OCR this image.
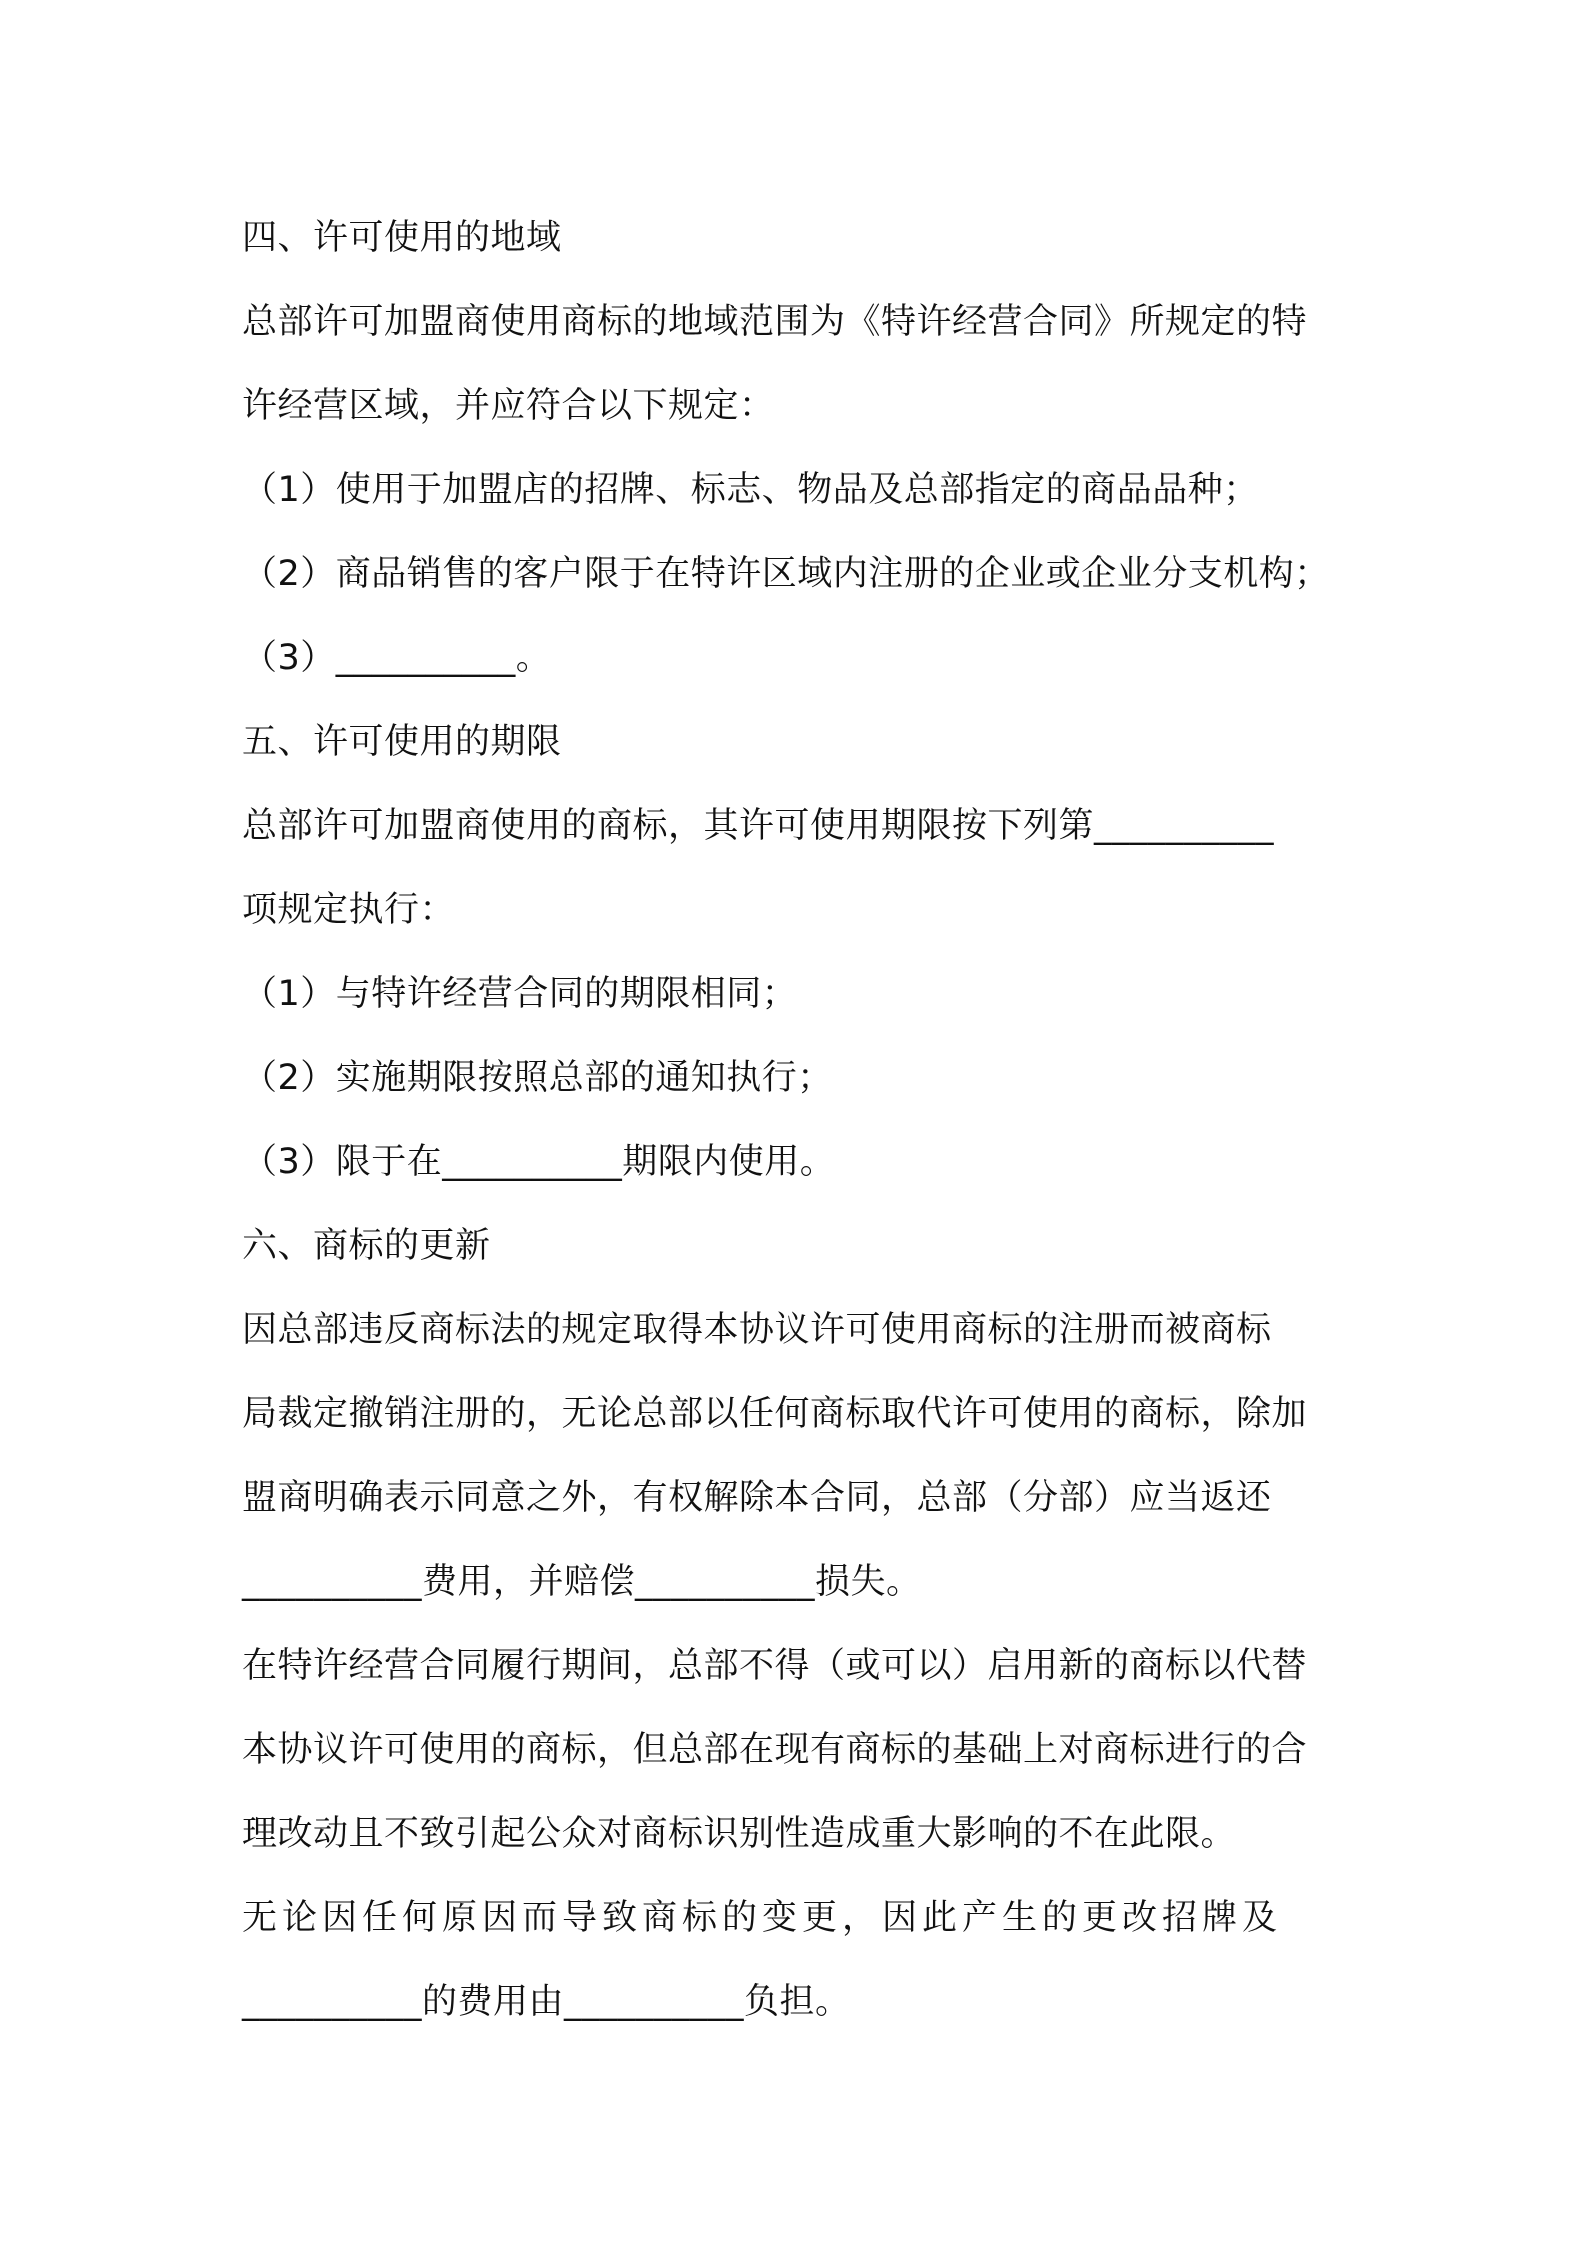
四、许可使用的地域
总部许可加盟商使用商标的地域范围为《特许经营合同》所规定的特
许经营区域，并应符合以下规定：
（1）使用于加盟店的招牌、标志、物品及总部指定的商品品种；
（2）商品销售的客户限于在特许区域内注册的企业或企业分支机构；
（3）__________。
五、许可使用的期限
总部许可加盟商使用的商标，其许可使用期限按下列第__________
项规定执行：
（1）与特许经营合同的期限相同；
（2）实施期限按照总部的通知执行；
（3）限于在__________期限内使用。
六、商标的更新
因总部违反商标法的规定取得本协议许可使用商标的注册而被商标
局裁定撤销注册的，无论总部以任何商标取代许可使用的商标，除加
盟商明确表示同意之外，有权解除本合同，总部（分部）应当返还
__________费用，并赔偿__________损失。
在特许经营合同履行期间，总部不得（或可以）启用新的商标以代替
本协议许可使用的商标，但总部在现有商标的基础上对商标进行的合
理改动且不致引起公众对商标识别性造成重大影响的不在此限。
无论因任何原因而导致商标的变更，因此产生的更改招牌及
__________的费用由__________负担。
